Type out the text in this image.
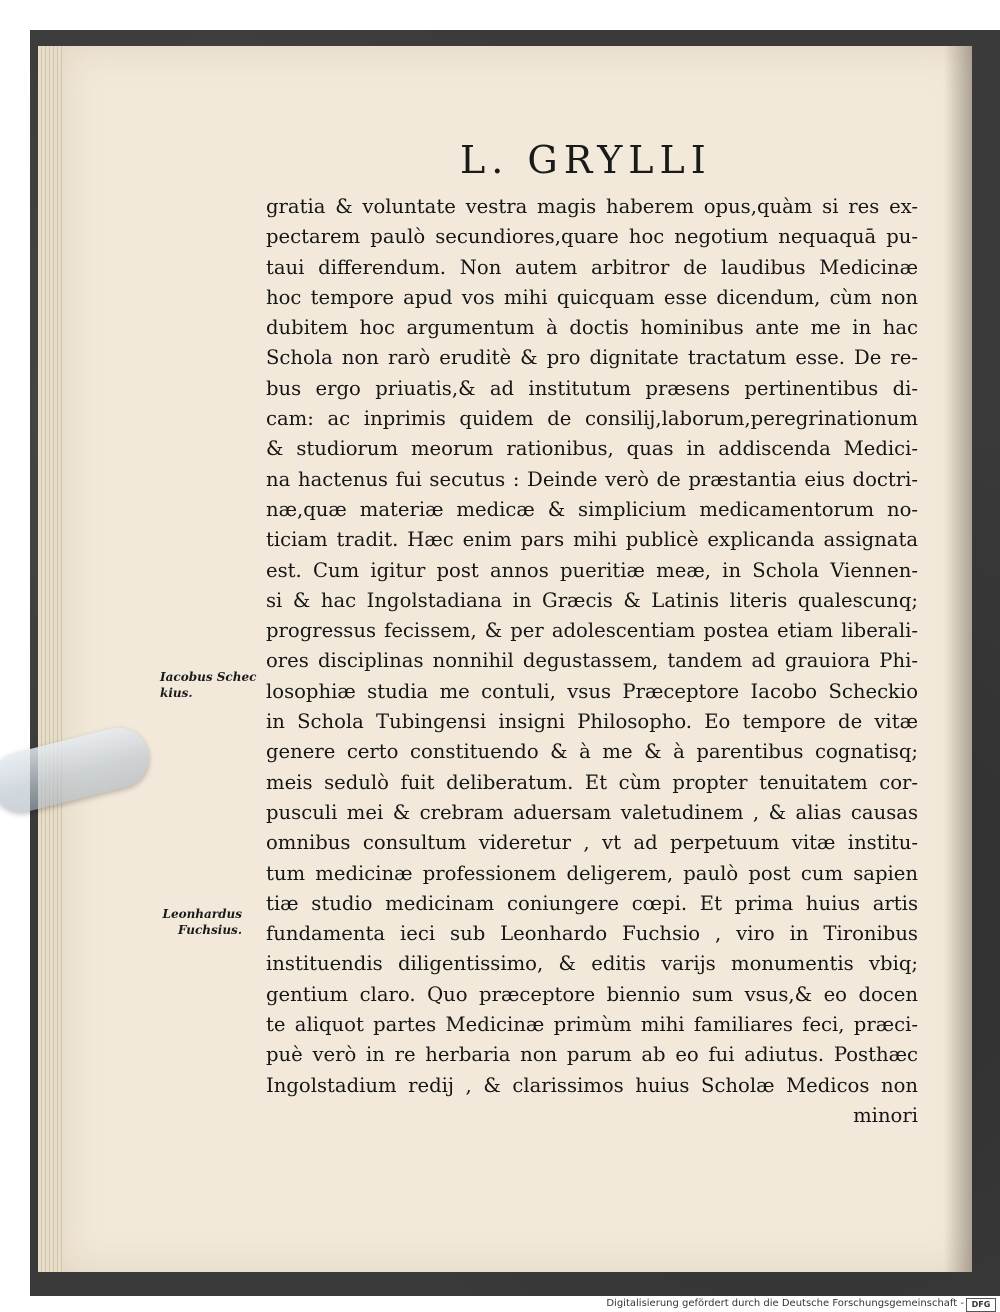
L. GRYLLI
gratia & voluntate vestra magis haberem opus,quàm si res ex-
pectarem paulò secundiores,quare hoc negotium nequaquā pu-
taui differendum. Non autem arbitror de laudibus Medicinæ
hoc tempore apud vos mihi quicquam esse dicendum, cùm non
dubitem hoc argumentum à doctis hominibus ante me in hac
Schola non rarò eruditè & pro dignitate tractatum esse. De re-
bus ergo priuatis,& ad institutum præsens pertinentibus di-
cam: ac inprimis quidem de consilij,laborum,peregrinationum
& studiorum meorum rationibus, quas in addiscenda Medici-
na hactenus fui secutus : Deinde verò de præstantia eius doctri-
næ,quæ materiæ medicæ & simplicium medicamentorum no-
ticiam tradit. Hæc enim pars mihi publicè explicanda assignata
est. Cum igitur post annos pueritiæ meæ, in Schola Viennen-
si & hac Ingolstadiana in Græcis & Latinis literis qualescunq;
progressus fecissem, & per adolescentiam postea etiam liberali-
ores disciplinas nonnihil degustassem, tandem ad grauiora Phi-
losophiæ studia me contuli, vsus Præceptore Iacobo Scheckio
in Schola Tubingensi insigni Philosopho. Eo tempore de vitæ
genere certo constituendo & à me & à parentibus cognatisq;
meis sedulò fuit deliberatum. Et cùm propter tenuitatem cor-
pusculi mei & crebram aduersam valetudinem , & alias causas
omnibus consultum videretur , vt ad perpetuum vitæ institu-
tum medicinæ professionem deligerem, paulò post cum sapien
tiæ studio medicinam coniungere cœpi. Et prima huius artis
fundamenta ieci sub Leonhardo Fuchsio , viro in Tironibus
instituendis diligentissimo, & editis varijs monumentis vbiq;
gentium claro. Quo præceptore biennio sum vsus,& eo docen
te aliquot partes Medicinæ primùm mihi familiares feci, præci-
puè verò in re herbaria non parum ab eo fui adiutus. Posthæc
Ingolstadium redij , & clarissimos huius Scholæ Medicos non
minori
Iacobus Schec kius.
Leonhardus
Fuchsius.
Digitalisierung gefördert durch die Deutsche Forschungsgemeinschaft - DFG
